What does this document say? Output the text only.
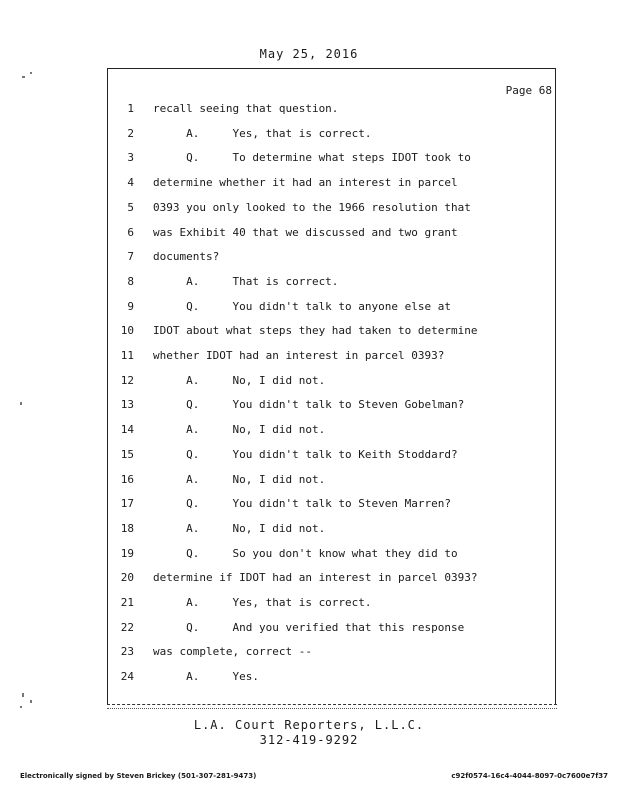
May 25, 2016
Page 68
1 recall seeing that question.
2 A.     Yes, that is correct.
3 Q.     To determine what steps IDOT took to
4 determine whether it had an interest in parcel
5 0393 you only looked to the 1966 resolution that
6 was Exhibit 40 that we discussed and two grant
7 documents?
8 A.     That is correct.
9 Q.     You didn't talk to anyone else at
10 IDOT about what steps they had taken to determine
11 whether IDOT had an interest in parcel 0393?
12 A.     No, I did not.
13 Q.     You didn't talk to Steven Gobelman?
14 A.     No, I did not.
15 Q.     You didn't talk to Keith Stoddard?
16 A.     No, I did not.
17 Q.     You didn't talk to Steven Marren?
18 A.     No, I did not.
19 Q.     So you don't know what they did to
20 determine if IDOT had an interest in parcel 0393?
21 A.     Yes, that is correct.
22 Q.     And you verified that this response
23 was complete, correct --
24 A.     Yes.
L.A. Court Reporters, L.L.C.
312-419-9292
Electronically signed by Steven Brickey (501-307-281-9473)	c92f0574-16c4-4044-8097-0c7600e7f37
